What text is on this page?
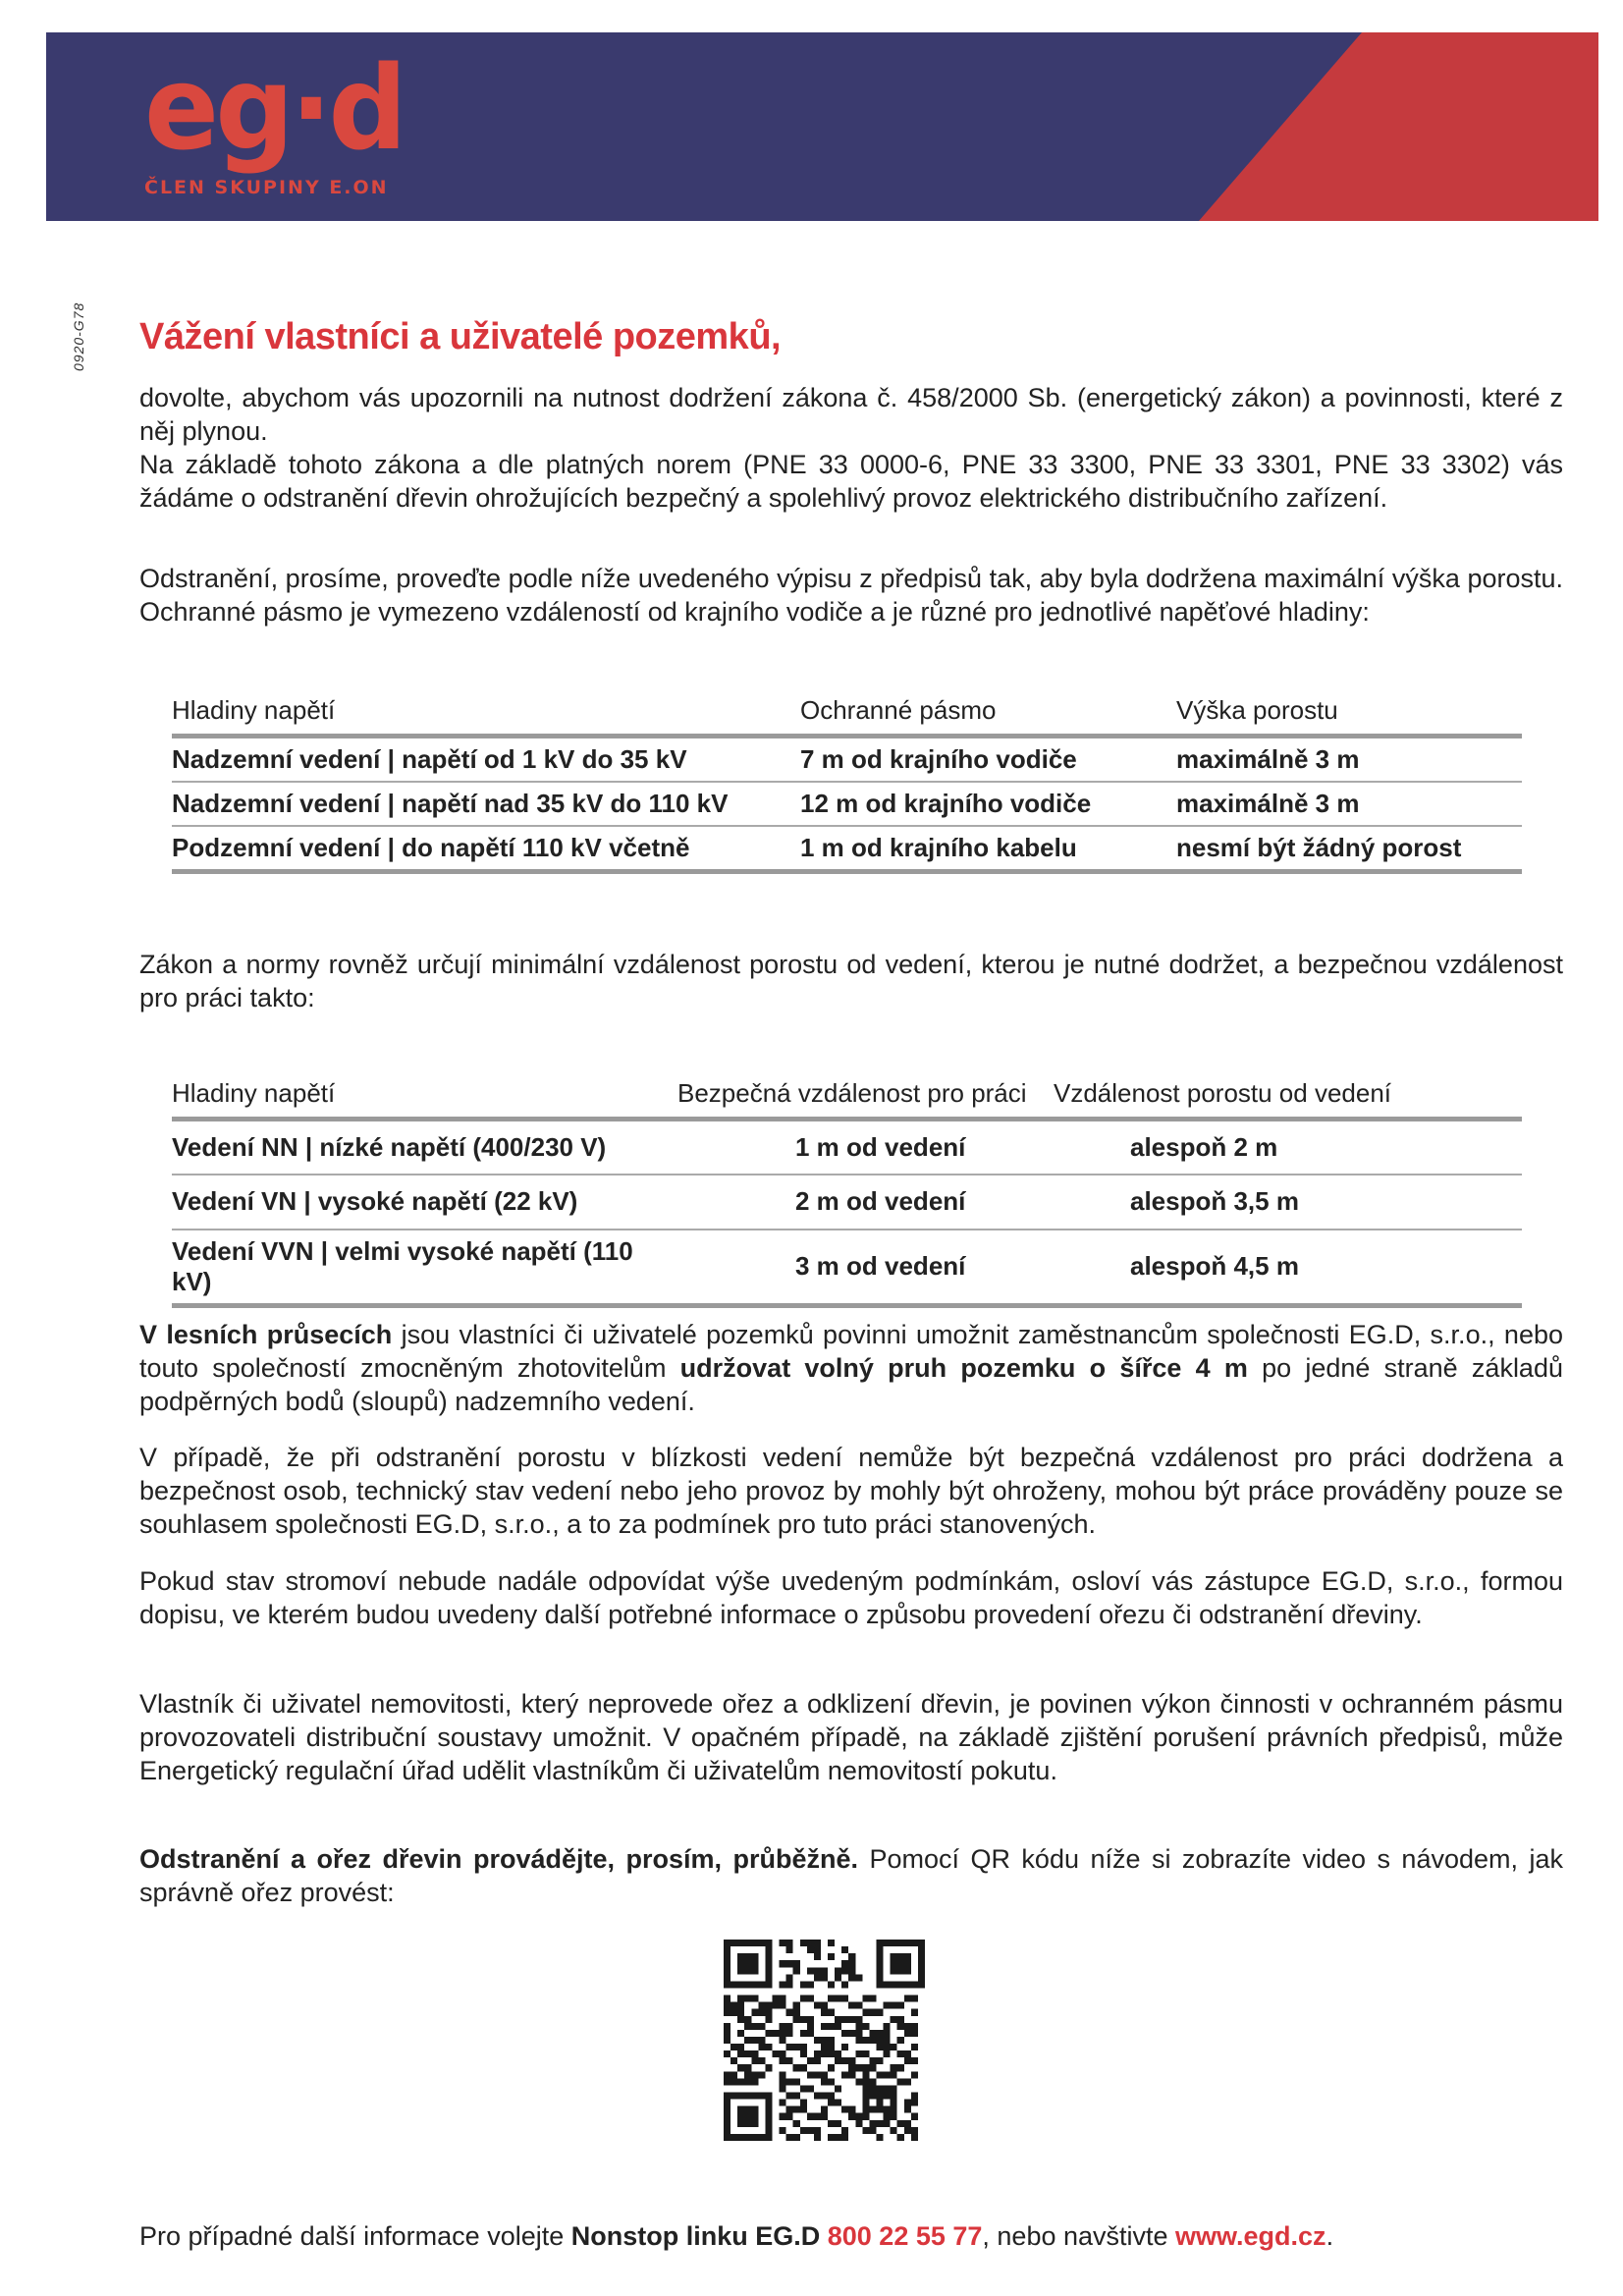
eg·d
ČLEN SKUPINY E.ON
0920-G78 Vážení vlastníci a uživatelé pozemků,

dovolte, abychom vás upozornili na nutnost dodržení zákona č. 458/2000 Sb. (energetický zákon) a povinnosti, které z něj plynou.

Na základě tohoto zákona a dle platných norem (PNE 33 0000-6, PNE 33 3300, PNE 33 3301, PNE 33 3302) vás žádáme o odstranění dřevin ohrožujících bezpečný a spolehlivý provoz elektrického distribučního zařízení.

Odstranění, prosíme, proveďte podle níže uvedeného výpisu z předpisů tak, aby byla dodržena maximální výška porostu. Ochranné pásmo je vymezeno vzdáleností od krajního vodiče a je různé pro jednotlivé napěťové hladiny:

Hladiny napětí	Ochranné pásmo	Výška porostu
Nadzemní vedení | napětí od 1 kV do 35 kV	7 m od krajního vodiče	maximálně 3 m
Nadzemní vedení | napětí nad 35 kV do 110 kV	12 m od krajního vodiče	maximálně 3 m
Podzemní vedení | do napětí 110 kV včetně	1 m od krajního kabelu	nesmí být žádný porost

Zákon a normy rovněž určují minimální vzdálenost porostu od vedení, kterou je nutné dodržet, a bezpečnou vzdálenost pro práci takto:

Hladiny napětí	Bezpečná vzdálenost pro práci	Vzdálenost porostu od vedení
Vedení NN | nízké napětí (400/230 V)	1 m od vedení	alespoň 2 m
Vedení VN | vysoké napětí (22 kV)	2 m od vedení	alespoň 3,5 m
Vedení VVN | velmi vysoké napětí (110 kV)	3 m od vedení	alespoň 4,5 m

V lesních průsecích jsou vlastníci či uživatelé pozemků povinni umožnit zaměstnancům společnosti EG.D, s.r.o., nebo touto společností zmocněným zhotovitelům udržovat volný pruh pozemku o šířce 4 m po jedné straně základů podpěrných bodů (sloupů) nadzemního vedení.

V případě, že při odstranění porostu v blízkosti vedení nemůže být bezpečná vzdálenost pro práci dodržena a bezpečnost osob, technický stav vedení nebo jeho provoz by mohly být ohroženy, mohou být práce prováděny pouze se souhlasem společnosti EG.D, s.r.o., a to za podmínek pro tuto práci stanovených.

Pokud stav stromoví nebude nadále odpovídat výše uvedeným podmínkám, osloví vás zástupce EG.D, s.r.o., formou dopisu, ve kterém budou uvedeny další potřebné informace o způsobu provedení ořezu či odstranění dřeviny.

Vlastník či uživatel nemovitosti, který neprovede ořez a odklizení dřevin, je povinen výkon činnosti v ochranném pásmu provozovateli distribuční soustavy umožnit. V opačném případě, na základě zjištění porušení právních předpisů, může Energetický regulační úřad udělit vlastníkům či uživatelům nemovitostí pokutu.

Odstranění a ořez dřevin provádějte, prosím, průběžně. Pomocí QR kódu níže si zobrazíte video s návodem, jak správně ořez provést:

Pro případné další informace volejte Nonstop linku EG.D 800 22 55 77, nebo navštivte www.egd.cz.
